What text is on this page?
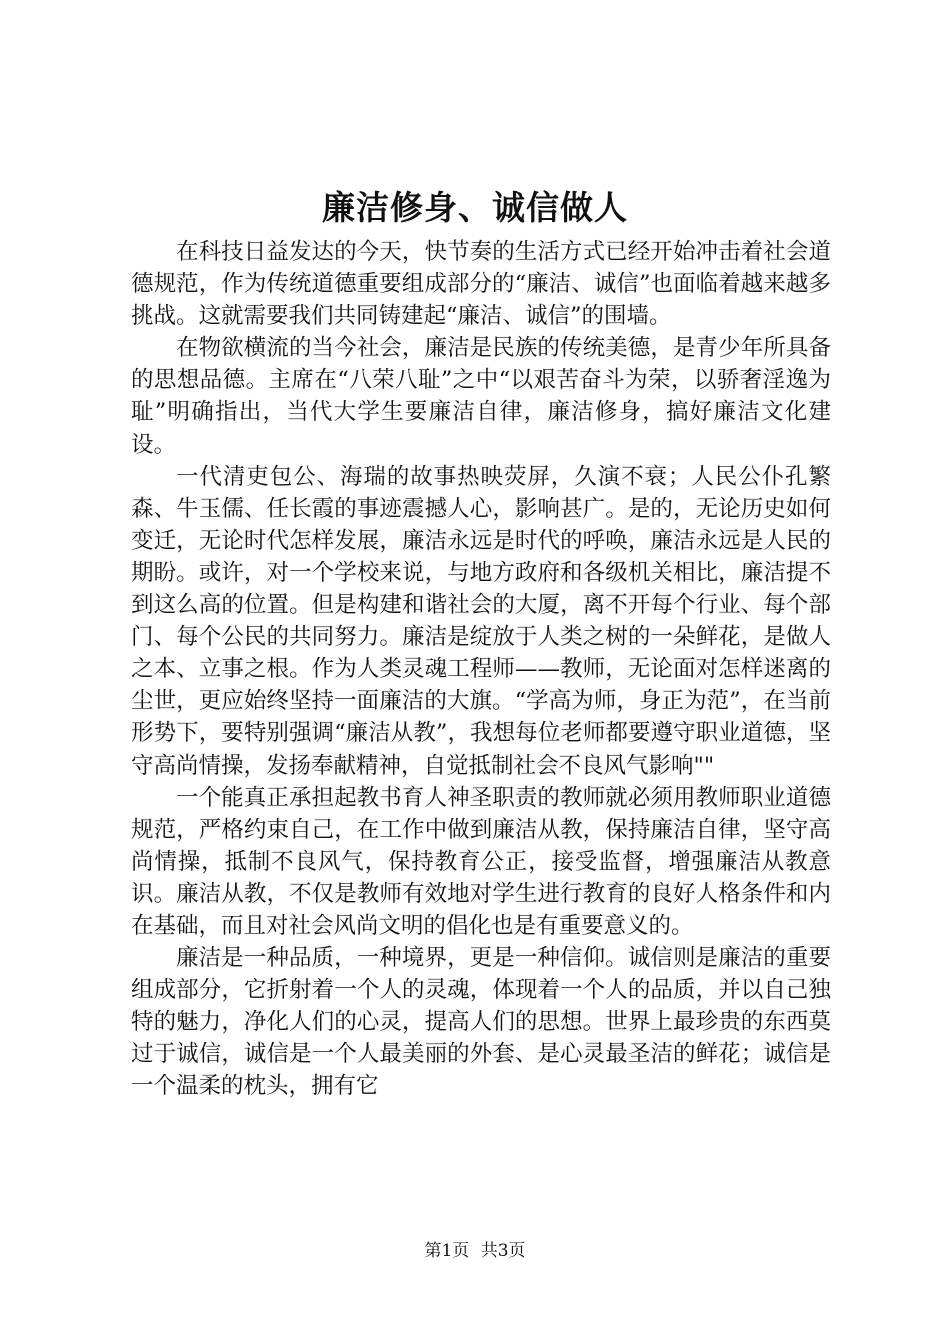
廉洁修身、诚信做人

在科技日益发达的今天，快节奏的生活方式已经开始冲击着社会道德规范，作为传统道德重要组成部分的“廉洁、诚信”也面临着越来越多挑战。这就需要我们共同铸建起“廉洁、诚信”的围墙。

在物欲横流的当今社会，廉洁是民族的传统美德，是青少年所具备的思想品德。主席在“八荣八耻”之中“以艰苦奋斗为荣，以骄奢淫逸为耻”明确指出，当代大学生要廉洁自律，廉洁修身，搞好廉洁文化建设。

一代清吏包公、海瑞的故事热映荧屏，久演不衰；人民公仆孔繁森、牛玉儒、任长霞的事迹震撼人心，影响甚广。是的，无论历史如何变迁，无论时代怎样发展，廉洁永远是时代的呼唤，廉洁永远是人民的期盼。或许，对一个学校来说，与地方政府和各级机关相比，廉洁提不到这么高的位置。但是构建和谐社会的大厦，离不开每个行业、每个部门、每个公民的共同努力。廉洁是绽放于人类之树的一朵鲜花，是做人之本、立事之根。作为人类灵魂工程师——教师，无论面对怎样迷离的尘世，更应始终坚持一面廉洁的大旗。“学高为师，身正为范”，在当前形势下，要特别强调“廉洁从教”，我想每位老师都要遵守职业道德，坚守高尚情操，发扬奉献精神，自觉抵制社会不良风气影响""

一个能真正承担起教书育人神圣职责的教师就必须用教师职业道德规范，严格约束自己，在工作中做到廉洁从教，保持廉洁自律，坚守高尚情操，抵制不良风气，保持教育公正，接受监督，增强廉洁从教意识。廉洁从教，不仅是教师有效地对学生进行教育的良好人格条件和内在基础，而且对社会风尚文明的倡化也是有重要意义的。

廉洁是一种品质，一种境界，更是一种信仰。诚信则是廉洁的重要组成部分，它折射着一个人的灵魂，体现着一个人的品质，并以自己独特的魅力，净化人们的心灵，提高人们的思想。世界上最珍贵的东西莫过于诚信，诚信是一个人最美丽的外套、是心灵最圣洁的鲜花；诚信是一个温柔的枕头，拥有它

第1页 共3页
